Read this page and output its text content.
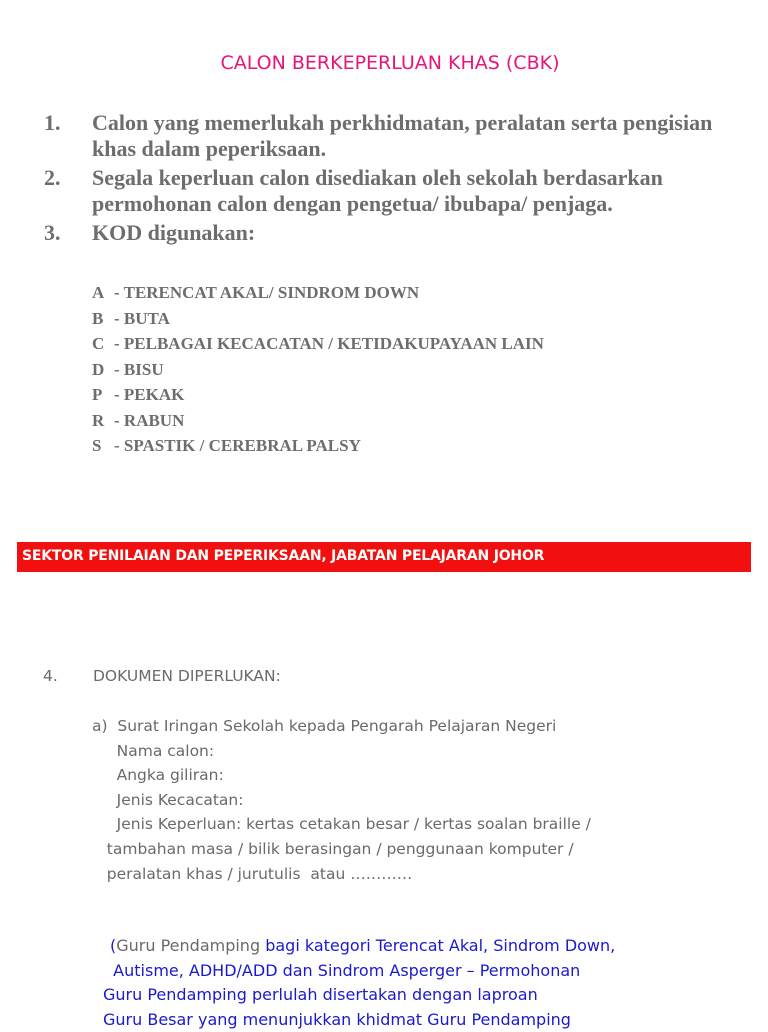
CALON BERKEPERLUAN KHAS (CBK)
1.	Calon yang memerlukah perkhidmatan, peralatan serta pengisian khas dalam peperiksaan.
2.	Segala keperluan calon disediakan oleh sekolah berdasarkan permohonan calon dengan pengetua/ ibubapa/ penjaga.
3.	KOD digunakan:
A - TERENCAT AKAL/ SINDROM DOWN
B - BUTA
C - PELBAGAI KECACATAN / KETIDAKUPAYAAN LAIN
D - BISU
P - PEKAK
R - RABUN
S - SPASTIK / CEREBRAL PALSY
SEKTOR PENILAIAN DAN PEPERIKSAAN, JABATAN PELAJARAN JOHOR
4.	DOKUMEN DIPERLUKAN:
a)  Surat Iringan Sekolah kepada Pengarah Pelajaran Negeri
Nama calon:
Angka giliran:
Jenis Kecacatan:
Jenis Keperluan: kertas cetakan besar / kertas soalan braille /
tambahan masa / bilik berasingan / penggunaan komputer /
peralatan khas / jurutulis  atau …………
(Guru Pendamping bagi kategori Terencat Akal, Sindrom Down,
Autisme, ADHD/ADD dan Sindrom Asperger – Permohonan
Guru Pendamping perlulah disertakan dengan laproan
Guru Besar yang menunjukkan khidmat Guru Pendamping
